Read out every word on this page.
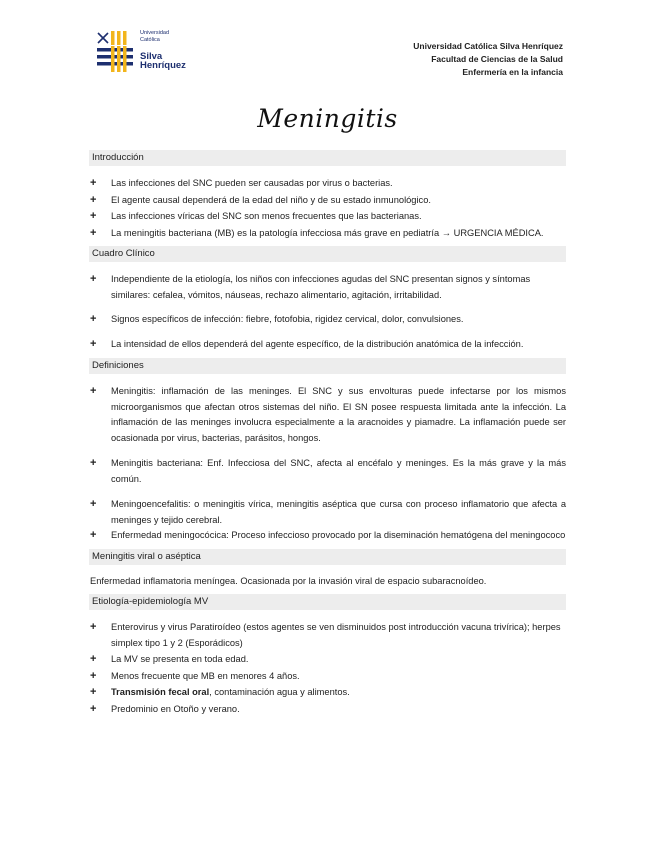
Universidad
Católica
Silva
Henríquez
Universidad Católica Silva Henríquez
Facultad de Ciencias de la Salud
Enfermería en la infancia
Meningitis
Introducción
+ Las infecciones del SNC pueden ser causadas por virus o bacterias.
+ El agente causal dependerá de la edad del niño y de su estado inmunológico.
+ Las infecciones víricas del SNC son menos frecuentes que las bacterianas.
+ La meningitis bacteriana (MB) es la patología infecciosa más grave en pediatría → URGENCIA MÉDICA.
Cuadro Clínico
+ Independiente de la etiología, los niños con infecciones agudas del SNC presentan signos y síntomas similares: cefalea, vómitos, náuseas, rechazo alimentario, agitación, irritabilidad.
+ Signos específicos de infección: fiebre, fotofobia, rigidez cervical, dolor, convulsiones.
+ La intensidad de ellos dependerá del agente específico, de la distribución anatómica de la infección.
Definiciones
+ Meningitis: inflamación de las meninges. El SNC y sus envolturas puede infectarse por los mismos microorganismos que afectan otros sistemas del niño. El SN posee respuesta limitada ante la infección. La inflamación de las meninges involucra especialmente a la aracnoides y piamadre. La inflamación puede ser ocasionada por virus, bacterias, parásitos, hongos.
+ Meningitis bacteriana: Enf. Infecciosa del SNC, afecta al encéfalo y meninges. Es la más grave y la más común.
+ Meningoencefalitis: o meningitis vírica, meningitis aséptica que cursa con proceso inflamatorio que afecta a meninges y tejido cerebral.
+ Enfermedad meningocócica: Proceso infeccioso provocado por la diseminación hematógena del meningococo
Meningitis viral o aséptica
Enfermedad inflamatoria meníngea. Ocasionada por la invasión viral de espacio subaracnoídeo.
Etiología-epidemiología MV
+ Enterovirus y virus Paratiroídeo (estos agentes se ven disminuidos post introducción vacuna trivírica); herpes simplex tipo 1 y 2 (Esporádicos)
+ La MV se presenta en toda edad.
+ Menos frecuente que MB en menores 4 años.
+ Transmisión fecal oral, contaminación agua y alimentos.
+ Predominio en Otoño y verano.
